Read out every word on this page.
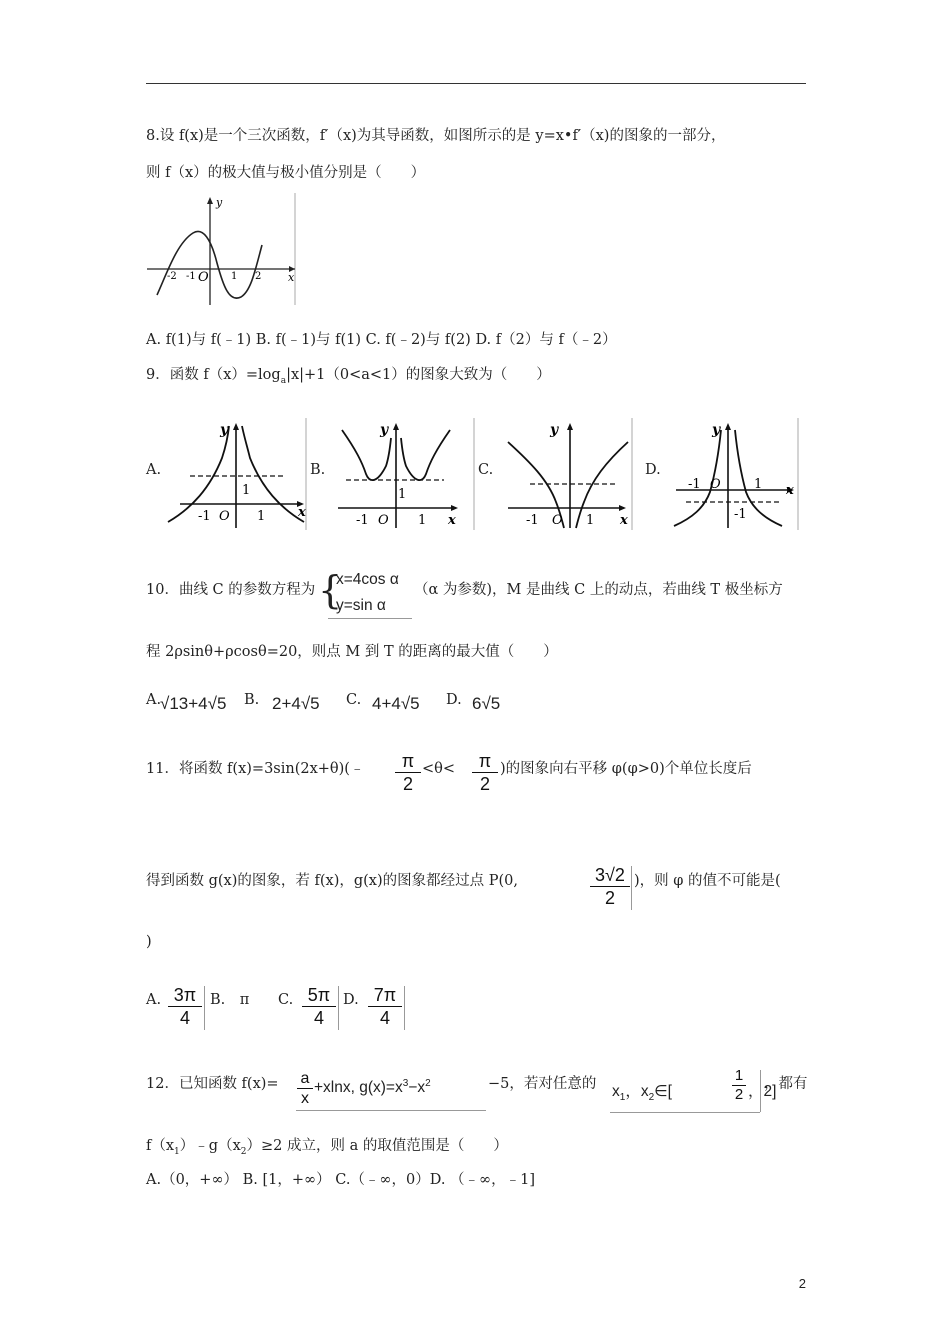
8.设 f(x)是一个三次函数，f′（x)为其导函数，如图所示的是 y=x•f′（x)的图象的一部分，
则 f（x）的极大值与极小值分别是（　　）
y
x
O
-2 -1	1 2
A. f(1)与 f(﹣1) B. f(﹣1)与 f(1) C. f(﹣2)与 f(2) D. f（2）与 f（﹣2）
9．函数 $f(x)=\log_a|x|+1(0<a<1)$的图象大致为（　　）
A.	B.	C.	D.
y
x
1
-1 O 1
y
x
1
-1 O 1
y
x
-1 O 1
y
x
-1 O	1
-1
10．曲线 C 的参数方程为 {
x=4cos α
y=sin α
（α 为参数)，M 是曲线 C 上的动点，若曲线 T 极坐标方
程 2ρsinθ+ρcosθ=20，则点 M 到 T 的距离的最大值（　　）
A.
√13+4√5 B. 2+4√5 C. 4+4√5 D. 6√5
11．将函数 f(x)=3sin(2x+θ)(﹣	π
2
<θ<	π
2
)的图象向右平移 φ(φ>0)个单位长度后
得到函数 g(x)的图象，若 f(x)，g(x)的图象都经过点 P(0,	3√2
2
)，则 φ 的值不可能是(
)
A. 3π
4
B.　π C. 5π
4
D. 7π
4
12．已知函数 f(x)= a
x
+xlnx, $g(x)=x^3-x^2$	−5，若对任意的 $x_1$，$x_2\in$[
1
2 ，2]
，都有
$f(x_1)﹣g(x_2)\ge 2$ 成立，则 a 的取值范围是（　　）
A.（0，+∞） B. [1，+∞） C.（﹣∞，0）D. （﹣∞，﹣1]
2
